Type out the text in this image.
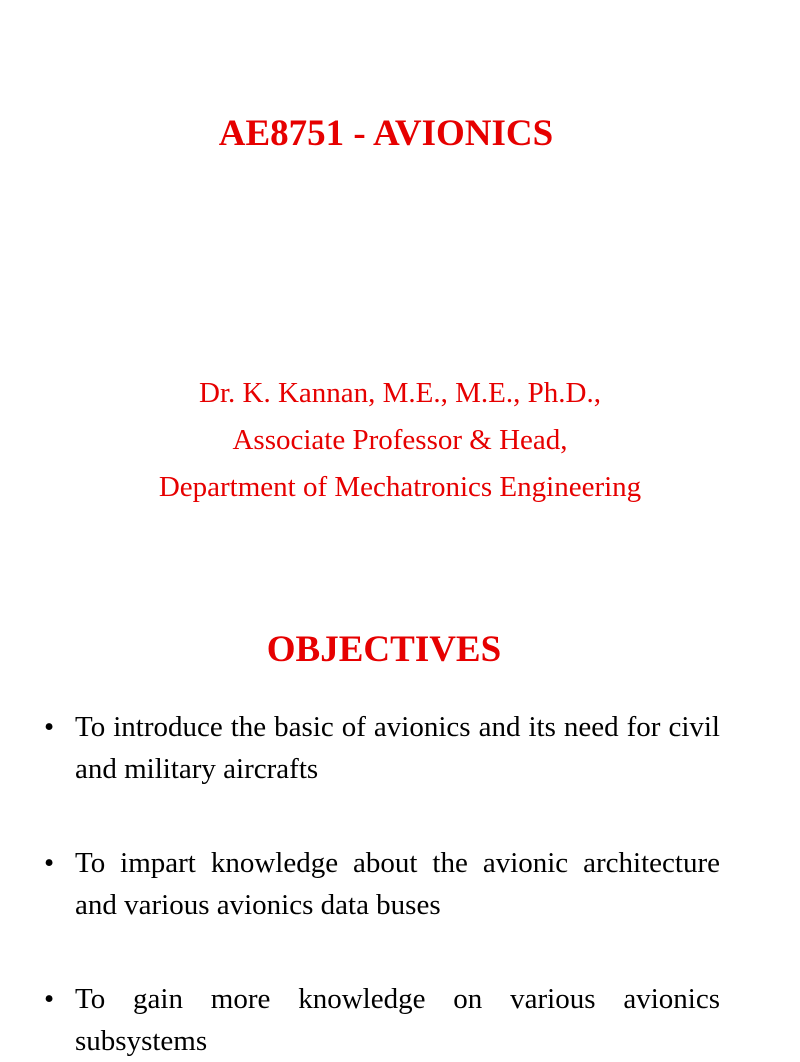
AE8751 - AVIONICS
Dr. K. Kannan, M.E., M.E., Ph.D.,
Associate Professor & Head,
Department of Mechatronics Engineering
OBJECTIVES
• To introduce the basic of avionics and its need for civil and military aircrafts
• To impart knowledge about the avionic architecture and various avionics data buses
• To gain more knowledge on various avionics subsystems
